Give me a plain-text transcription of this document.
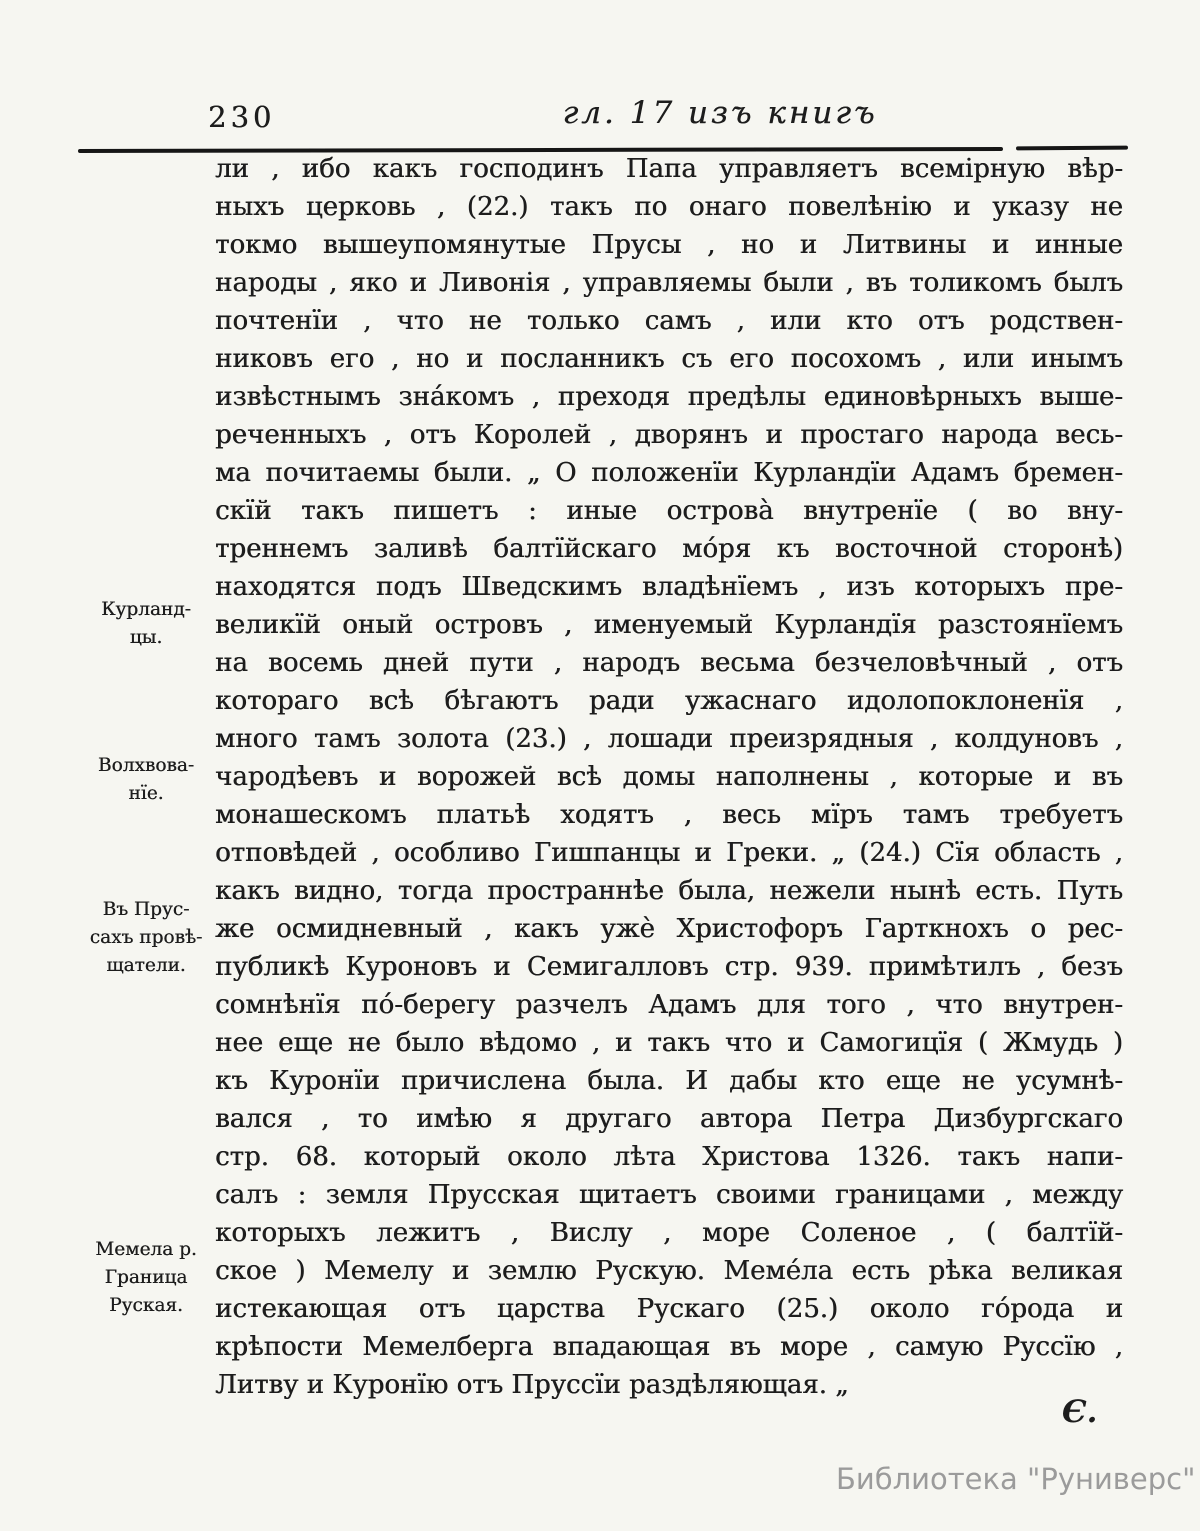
230	гл. 17 изъ книгъ
ли , ибо какъ господинъ Папа управляетъ всемірную вѣр-
ныхъ церковь , (22.) такъ по онаго повелѣнію и указу не
токмо вышеупомянутые Прусы , но и Литвины и инные
народы , яко и Ливонія , управляемы были , въ толикомъ былъ
почтенїи , что не только самъ , или кто отъ родствен-
никовъ его , но и посланникъ съ его посохомъ , или инымъ
извѣстнымъ зна́комъ , преходя предѣлы единовѣрныхъ выше-
реченныхъ , отъ Королей , дворянъ и простаго народа весь-
ма почитаемы были. „ О положенїи Курландїи Адамъ бремен-
скїй такъ пишетъ : иные острова̀ внутренїе ( во вну-
треннемъ заливѣ балтїйскаго мо́ря къ восточной сторонѣ)
находятся подъ Шведскимъ владѣнїемъ , изъ которыхъ пре-
великїй оный островъ , именуемый Курландїя разстоянїемъ
на восемь дней пути , народъ весьма безчеловѣчный , отъ
котораго всѣ бѣгаютъ ради ужаснаго идолопоклоненїя ,
много тамъ золота (23.) , лошади преизрядныя , колдуновъ ,
чародѣевъ и ворожей всѣ домы наполнены , которые и въ
монашескомъ платьѣ ходятъ , весь мїръ тамъ требуетъ
отповѣдей , особливо Гишпанцы и Греки. „ (24.) Сїя область ,
какъ видно, тогда пространнѣе была, нежели нынѣ есть. Путь
же осмидневный , какъ ужѐ Христофоръ Гарткнохъ о рес-
публикѣ Куроновъ и Семигалловъ стр. 939. примѣтилъ , безъ
сомнѣнїя по́-берегу разчелъ Адамъ для того , что внутрен-
нее еще не было вѣдомо , и такъ что и Самогицїя ( Жмудь )
къ Куронїи причислена была. И дабы кто еще не усумнѣ-
вался , то имѣю я другаго автора Петра Дизбургскаго
стр. 68. который около лѣта Христова 1326. такъ напи-
салъ : земля Прусская щитаетъ своими границами , между
которыхъ лежитъ , Вислу , море Соленое , ( балтїй-
ское ) Мемелу и землю Рускую. Меме́ла есть рѣка великая
истекающая отъ царства Рускаго (25.) около го́рода и
крѣпости Мемелберга впадающая въ море , самую Руссїю ,
Литву и Куронїю отъ Пруссїи раздѣляющая. „
Курланд-
цы.
Волхвова-
нїе.
Въ Прус-
сахъ провѣ-
щатели.
Мемела р.
Граница
Руская.
Є.
Библиотека "Руниверс"
